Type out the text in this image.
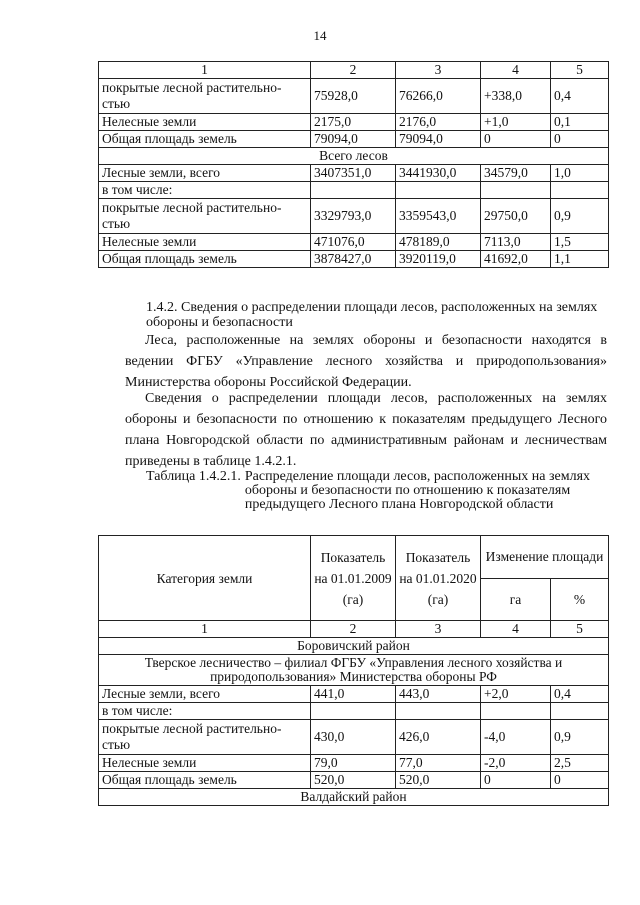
14
1	2	3	4	5
покрытые лесной растительно-стью	75928,0	76266,0	+338,0	0,4
Нелесные земли	2175,0	2176,0	+1,0	0,1
Общая площадь земель	79094,0	79094,0	0	0
Всего лесов				
Лесные земли, всего	3407351,0	3441930,0	34579,0	1,0
в том числе:				
покрытые лесной растительно-стью	3329793,0	3359543,0	29750,0	0,9
Нелесные земли	471076,0	478189,0	7113,0	1,5
Общая площадь земель	3878427,0	3920119,0	41692,0	1,1
1.4.2. Сведения о распределении площади лесов, расположенных на землях обороны и безопасности
Леса, расположенные на землях обороны и безопасности находятся в ведении ФГБУ «Управление лесного хозяйства и природопользования» Министерства обороны Российской Федерации.
Сведения о распределении площади лесов, расположенных на землях обороны и безопасности по отношению к показателям предыдущего Лесного плана Новгородской области по административным районам и лесничествам приведены в таблице 1.4.2.1.
Таблица 1.4.2.1. Распределение площади лесов, расположенных на землях обороны и безопасности по отношению к показателям предыдущего Лесного плана Новгородской области
Категория земли	Показатель на 01.01.2009 (га)	Показатель на 01.01.2020 (га)	Изменение площади	
			га	%
1	2	3	4	5
Боровичский район				
Тверское лесничество – филиал ФГБУ «Управления лесного хозяйства и природопользования» Министерства обороны РФ				
Лесные земли, всего	441,0	443,0	+2,0	0,4
в том числе:				
покрытые лесной растительно-стью	430,0	426,0	-4,0	0,9
Нелесные земли	79,0	77,0	-2,0	2,5
Общая площадь земель	520,0	520,0	0	0
Валдайский район				
